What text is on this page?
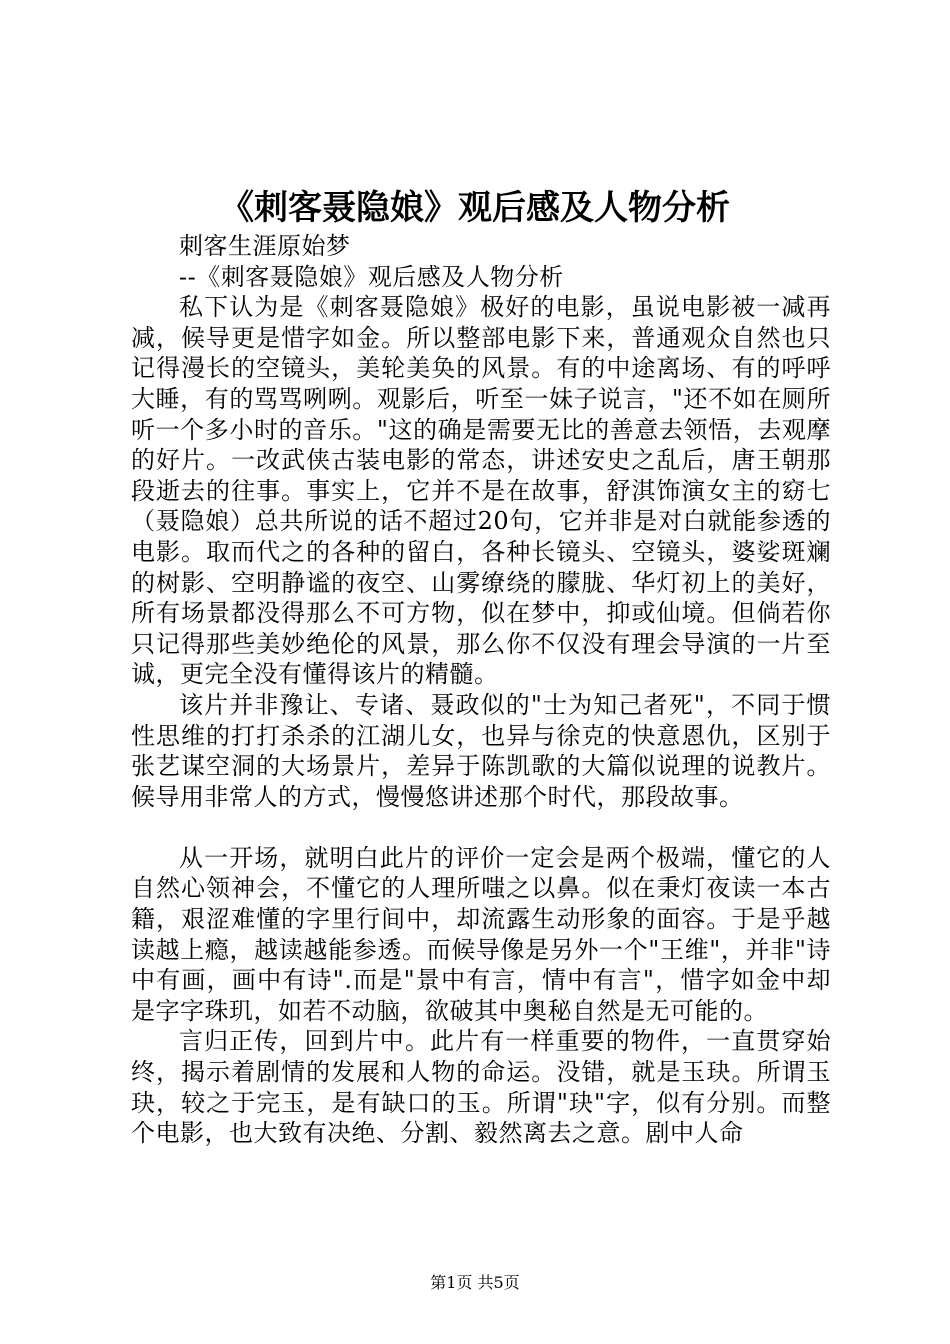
《刺客聂隐娘》观后感及人物分析

刺客生涯原始梦

--《刺客聂隐娘》观后感及人物分析

私下认为是《刺客聂隐娘》极好的电影，虽说电影被一减再减，候导更是惜字如金。所以整部电影下来，普通观众自然也只记得漫长的空镜头，美轮美奂的风景。有的中途离场、有的呼呼大睡，有的骂骂咧咧。观影后，听至一妹子说言，"还不如在厕所听一个多小时的音乐。"这的确是需要无比的善意去领悟，去观摩的好片。一改武侠古装电影的常态，讲述安史之乱后，唐王朝那段逝去的往事。事实上，它并不是在故事，舒淇饰演女主的窈七（聂隐娘）总共所说的话不超过20句，它并非是对白就能参透的电影。取而代之的各种的留白，各种长镜头、空镜头，婆娑斑斓的树影、空明静谧的夜空、山雾缭绕的朦胧、华灯初上的美好，所有场景都没得那么不可方物，似在梦中，抑或仙境。但倘若你只记得那些美妙绝伦的风景，那么你不仅没有理会导演的一片至诚，更完全没有懂得该片的精髓。

该片并非豫让、专诸、聂政似的"士为知己者死"，不同于惯性思维的打打杀杀的江湖儿女，也异与徐克的快意恩仇，区别于张艺谋空洞的大场景片，差异于陈凯歌的大篇似说理的说教片。候导用非常人的方式，慢慢悠讲述那个时代，那段故事。

从一开场，就明白此片的评价一定会是两个极端，懂它的人自然心领神会，不懂它的人理所嗤之以鼻。似在秉灯夜读一本古籍，艰涩难懂的字里行间中，却流露生动形象的面容。于是乎越读越上瘾，越读越能参透。而候导像是另外一个"王维"，并非"诗中有画，画中有诗".而是"景中有言，情中有言"，惜字如金中却是字字珠玑，如若不动脑，欲破其中奥秘自然是无可能的。

言归正传，回到片中。此片有一样重要的物件，一直贯穿始终，揭示着剧情的发展和人物的命运。没错，就是玉玦。所谓玉玦，较之于完玉，是有缺口的玉。所谓"玦"字，似有分别。而整个电影，也大致有决绝、分割、毅然离去之意。剧中人命

第1页 共5页
